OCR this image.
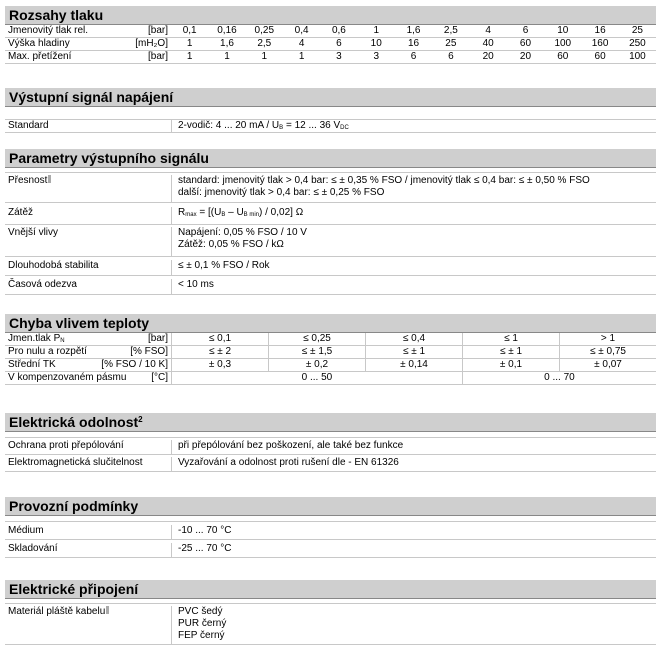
Rozsahy tlaku
Jmenovitý tlak rel.	[bar]	0,1	0,16	0,25	0,4	0,6	1	1,6	2,5	4	6	10	16	25
Výška hladiny	[mH₂O]	1	1,6	2,5	4	6	10	16	25	40	60	100	160	250
Max. přetížení	[bar]	1	1	1	1	3	3	6	6	20	20	60	60	100
Výstupní signál napájení
Standard	2-vodič: 4 ... 20 mA / UB = 12 ... 36 VDC
Parametry výstupního signálu
Přesnost	standard: jmenovitý tlak > 0,4 bar: ≤ ± 0,35 % FSO / jmenovitý tlak ≤ 0,4 bar: ≤ ± 0,50 % FSO
další: jmenovitý tlak > 0,4 bar: ≤ ± 0,25 % FSO
Zátěž	Rmax = [(UB – UB min) / 0,02] Ω
Vnější vlivy	Napájení: 0,05 % FSO / 10 V
Zátěž: 0,05 % FSO / kΩ
Dlouhodobá stabilita	≤ ± 0,1 % FSO / Rok
Časová odezva	< 10 ms
Chyba vlivem teploty
Jmen.tlak PN	[bar]	≤ 0,1	≤ 0,25	≤ 0,4	≤ 1	> 1
Pro nulu a rozpětí	[% FSO]	≤ ± 2	≤ ± 1,5	≤ ± 1	≤ ± 1	≤ ± 0,75
Střední TK	[% FSO / 10 K]	± 0,3	± 0,2	± 0,14	± 0,1	± 0,07
V kompenzovaném pásmu	[°C]	0 ... 50	0 ... 70
Elektrická odolnost$^2$
Ochrana proti přepólování	při přepólování bez poškození, ale také bez funkce
Elektromagnetická slučitelnost	Vyzařování a odolnost proti rušení dle - EN 61326
Provozní podmínky
Médium	-10 ... 70 °C
Skladování	-25 ... 70 °C
Elektrické připojení
Materiál pláště kabelu	PVC šedý
PUR černý
FEP černý
